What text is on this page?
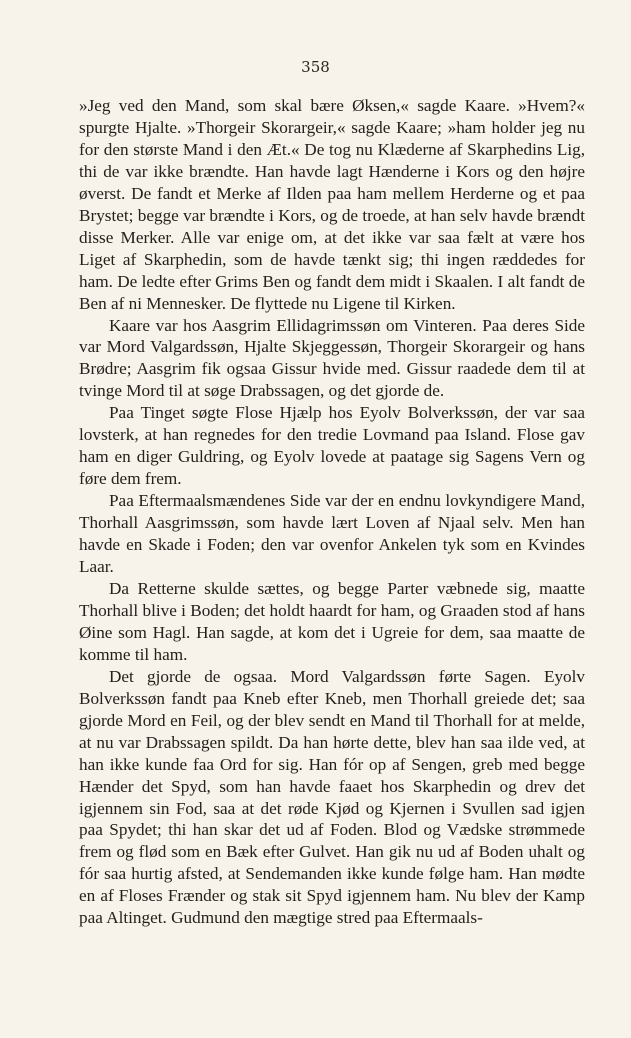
358

»Jeg ved den Mand, som skal bære Øksen,« sagde Kaare. »Hvem?« spurgte Hjalte. »Thorgeir Skorargeir,« sagde Kaare; »ham holder jeg nu for den største Mand i den Æt.« De tog nu Klæderne af Skarphedins Lig, thi de var ikke brændte. Han havde lagt Hænderne i Kors og den højre øverst. De fandt et Merke af Ilden paa ham mellem Herderne og et paa Brystet; begge var brændte i Kors, og de troede, at han selv havde brændt disse Merker. Alle var enige om, at det ikke var saa fælt at være hos Liget af Skarphedin, som de havde tænkt sig; thi ingen ræddedes for ham. De ledte efter Grims Ben og fandt dem midt i Skaalen. I alt fandt de Ben af ni Mennesker. De flyttede nu Ligene til Kirken.

Kaare var hos Aasgrim Ellidagrimssøn om Vinteren. Paa deres Side var Mord Valgardssøn, Hjalte Skjeggessøn, Thorgeir Skorargeir og hans Brødre; Aasgrim fik ogsaa Gissur hvide med. Gissur raadede dem til at tvinge Mord til at søge Drabssagen, og det gjorde de.

Paa Tinget søgte Flose Hjælp hos Eyolv Bolverkssøn, der var saa lovsterk, at han regnedes for den tredie Lovmand paa Island. Flose gav ham en diger Guldring, og Eyolv lovede at paatage sig Sagens Vern og føre dem frem.

Paa Eftermaalsmændenes Side var der en endnu lovkyndigere Mand, Thorhall Aasgrimssøn, som havde lært Loven af Njaal selv. Men han havde en Skade i Foden; den var ovenfor Ankelen tyk som en Kvindes Laar.

Da Retterne skulde sættes, og begge Parter væbnede sig, maatte Thorhall blive i Boden; det holdt haardt for ham, og Graaden stod af hans Øine som Hagl. Han sagde, at kom det i Ugreie for dem, saa maatte de komme til ham.

Det gjorde de ogsaa. Mord Valgardssøn førte Sagen. Eyolv Bolverkssøn fandt paa Kneb efter Kneb, men Thorhall greiede det; saa gjorde Mord en Feil, og der blev sendt en Mand til Thorhall for at melde, at nu var Drabssagen spildt. Da han hørte dette, blev han saa ilde ved, at han ikke kunde faa Ord for sig. Han fór op af Sengen, greb med begge Hænder det Spyd, som han havde faaet hos Skarphedin og drev det igjennem sin Fod, saa at det røde Kjød og Kjernen i Svullen sad igjen paa Spydet; thi han skar det ud af Foden. Blod og Vædske strømmede frem og flød som en Bæk efter Gulvet. Han gik nu ud af Boden uhalt og fór saa hurtig afsted, at Sendemanden ikke kunde følge ham. Han mødte en af Floses Frænder og stak sit Spyd igjennem ham. Nu blev der Kamp paa Altinget. Gudmund den mægtige stred paa Eftermaals-
